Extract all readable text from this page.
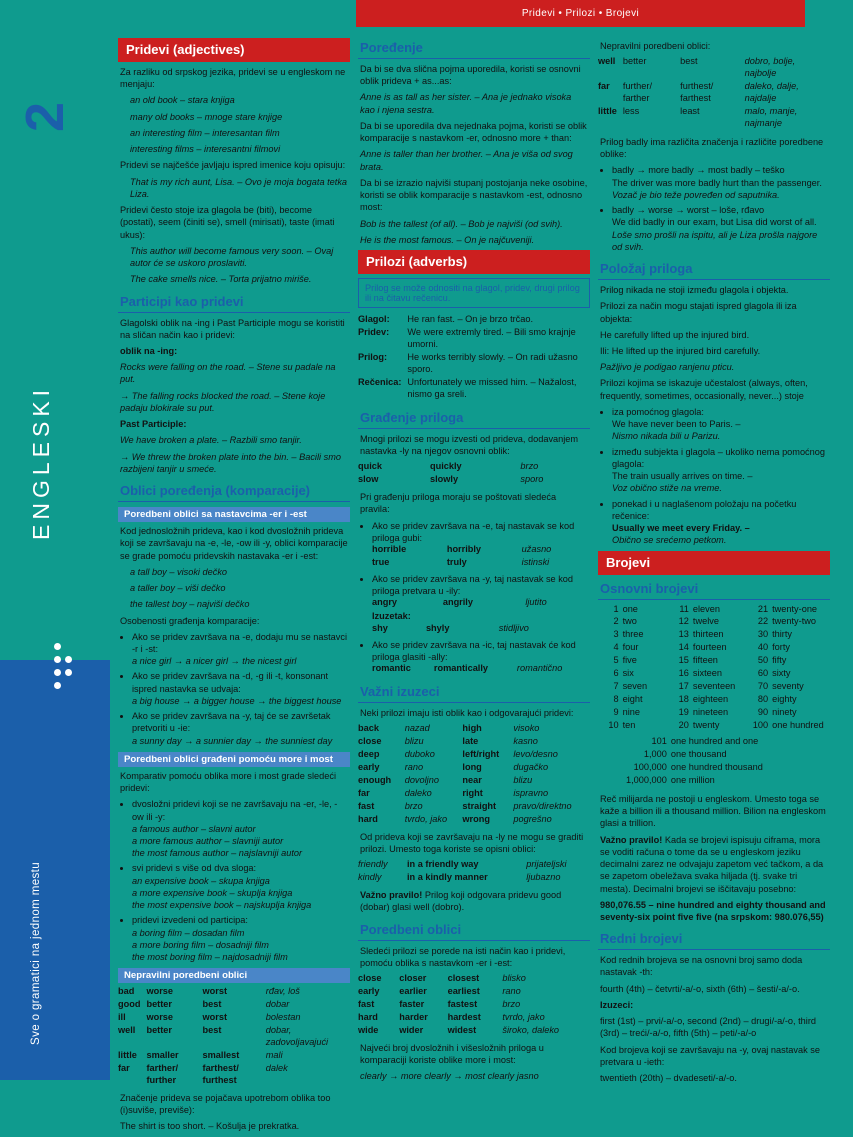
2
ENGLESKI
Sve o gramatici na jednom mestu
Pridevi • Prilozi • Brojevi
Pridevi (adjectives)

Za razliku od srpskog jezika, pridevi se u engleskom ne menjaju:

an old book – stara knjiga

many old books – mnoge stare knjige

an interesting film – interesantan film

interesting films – interesantni filmovi

Pridevi se najčešće javljaju ispred imenice koju opisuju:

That is my rich aunt, Lisa. – Ovo je moja bogata tetka Liza.

Pridevi često stoje iza glagola be (biti), become (postati), seem (činiti se), smell (mirisati), taste (imati ukus):

This author will become famous very soon. – Ovaj autor će se uskoro proslaviti.

The cake smells nice. – Torta prijatno miriše.

Participi kao pridevi

Glagolski oblik na -ing i Past Participle mogu se koristiti na sličan način kao i pridevi:

oblik na -ing:

Rocks were falling on the road. – Stene su padale na put.

→ The falling rocks blocked the road. – Stene koje padaju blokirale su put.

Past Participle:

We have broken a plate. – Razbili smo tanjir.

→ We threw the broken plate into the bin. – Bacili smo razbijeni tanjir u smeće.

Oblici poređenja (komparacije)
Poredbeni oblici sa nastavcima -er i -est

Kod jednosložnih prideva, kao i kod dvosložnih prideva koji se završavaju na -e, -le, -ow ili -y, oblici komparacije se grade pomoću pridevskih nastavaka -er i -est:

a tall boy – visoki dečko

a taller boy – viši dečko

the tallest boy – najviši dečko

Osobenosti građenja komparacije:

• Ako se pridev završava na -e, dodaju mu se nastavci -r i -st:
a nice girl → a nicer girl → the nicest girl
• Ako se pridev završava na -d, -g ili -t, konsonant ispred nastavka se udvaja:
a big house → a bigger house → the biggest house
• Ako se pridev završava na -y, taj će se završetak pretvoriti u -ie:
a sunny day → a sunnier day → the sunniest day
Poredbeni oblici građeni pomoću more i most

Komparativ pomoću oblika more i most grade sledeći pridevi:

• dvosložni pridevi koji se ne završavaju na -er, -le, -ow ili -y:
a famous author – slavni autor
a more famous author – slavniji autor
the most famous author – najslavniji autor
• svi pridevi s više od dva sloga:
an expensive book – skupa knjiga
a more expensive book – skuplja knjiga
the most expensive book – najskuplja knjiga
• pridevi izvedeni od participa:
a boring film – dosadan film
a more boring film – dosadniji film
the most boring film – najdosadniji film
Nepravilni poredbeni oblici
bad	worse	worst	rđav, loš
good	better	best	dobar
ill	worse	worst	bolestan
well	better	best	dobar, zadovoljavajući
little	smaller	smallest	mali
far	farther/ further	farthest/ furthest	dalek

Značenje prideva se pojačava upotrebom oblika too (i)suviše, previše):

The shirt is too short. – Košulja je prekratka.

Poređenje

Da bi se dva slična pojma uporedila, koristi se osnovni oblik prideva + as...as:

Anne is as tall as her sister. – Ana je jednako visoka kao i njena sestra.

Da bi se uporedila dva nejednaka pojma, koristi se oblik komparacije s nastavkom -er, odnosno more + than:

Anne is taller than her brother. – Ana je viša od svog brata.

Da bi se izrazio najviši stupanj postojanja neke osobine, koristi se oblik komparacije s nastavkom -est, odnosno most:

Bob is the tallest (of all). – Bob je najviši (od svih).

He is the most famous. – On je najčuveniji.

Prilozi (adverbs)
Prilog se može odnositi na glagol, pridev, drugi prilog ili na čitavu rečenicu.
Glagol:	He ran fast. – On je brzo trčao.
Pridev:	We were extremly tired. – Bili smo krajnje umorni.
Prilog:	He works terribly slowly. – On radi užasno sporo.
Rečenica:	Unfortunately we missed him. – Nažalost, nismo ga sreli.
Građenje priloga

Mnogi prilozi se mogu izvesti od prideva, dodavanjem nastavka -ly na njegov osnovni oblik:

quick	quickly	brzo
slow	slowly	sporo

Pri građenju priloga moraju se poštovati sledeća pravila:

• Ako se pridev završava na -e, taj nastavak se kod priloga gubi:
horrible	horribly	užasno
true	truly	istinski
• Ako se pridev završava na -y, taj nastavak se kod priloga pretvara u -ily:
angry	angrily	ljutito
Izuzetak:
shy	shyly	stidljivo
• Ako se pridev završava na -ic, taj nastavak će kod priloga glasiti -ally:
romantic	romantically	romantično
Važni izuzeci

Neki prilozi imaju isti oblik kao i odgovarajući pridevi:

back	nazad	high	visoko
close	blizu	late	kasno
deep	duboko	left/right	levo/desno
early	rano	long	dugačko
enough	dovoljno	near	blizu
far	daleko	right	ispravno
fast	brzo	straight	pravo/direktno
hard	tvrdo, jako	wrong	pogrešno

Od prideva koji se završavaju na -ly ne mogu se graditi prilozi. Umesto toga koriste se opisni oblici:

friendly	in a friendly way	prijateljski
kindly	in a kindly manner	ljubazno

Važno pravilo! Prilog koji odgovara pridevu good (dobar) glasi well (dobro).

Poredbeni oblici

Sledeći prilozi se porede na isti način kao i pridevi, pomoću oblika s nastavkom -er i -est:

close	closer	closest	blisko
early	earlier	earliest	rano
fast	faster	fastest	brzo
hard	harder	hardest	tvrdo, jako
wide	wider	widest	široko, daleko

Najveći broj dvosložnih i višesložnih priloga u komparaciji koriste oblike more i most:

clearly → more clearly → most clearly jasno

Nepravilni poredbeni oblici:

well	better	best	dobro, bolje, najbolje
far	further/ farther	furthest/ farthest	daleko, dalje, najdalje
little	less	least	malo, manje, najmanje

Prilog badly ima različita značenja i različite poredbene oblike:

• badly → more badly → most badly – teško
The driver was more badly hurt than the passenger.
Vozač je bio teže povređen od saputnika.
• badly → worse → worst – loše, rđavo
We did badly in our exam, but Lisa did worst of all.
Loše smo prošli na ispitu, ali je Liza prošla najgore od svih.
Položaj priloga

Prilog nikada ne stoji između glagola i objekta.

Prilozi za način mogu stajati ispred glagola ili iza objekta:

He carefully lifted up the injured bird.

Ili: He lifted up the injured bird carefully.

Pažljivo je podigao ranjenu pticu.

Prilozi kojima se iskazuje učestalost (always, often, frequently, sometimes, occasionally, never...) stoje

• iza pomoćnog glagola:
We have never been to Paris. –
Nismo nikada bili u Parizu.
• između subjekta i glagola – ukoliko nema pomoćnog glagola:
The train usually arrives on time. –
Voz obično stiže na vreme.
• ponekad i u naglašenom položaju na početku rečenice:
Usually we meet every Friday. –
Obično se srećemo petkom.
Brojevi
Osnovni brojevi
1	one
2	two
3	three
4	four
5	five
6	six
7	seven
8	eight
9	nine
10	ten
11	eleven
12	twelve
13	thirteen
14	fourteen
15	fifteen
16	sixteen
17	seventeen
18	eighteen
19	nineteen
20	twenty
21	twenty-one
22	twenty-two
30	thirty
40	forty
50	fifty
60	sixty
70	seventy
80	eighty
90	ninety
100	one hundred
101	one hundred and one
1,000	one thousand
100,000	one hundred thousand
1,000,000	one million

Reč milijarda ne postoji u engleskom. Umesto toga se kaže a billion ili a thousand million. Bilion na engleskom glasi a trillion.

Važno pravilo! Kada se brojevi ispisuju ciframa, mora se voditi računa o tome da se u engleskom jeziku decimalni zarez ne odvajaju zapetom već tačkom, a da se zapetom obeležava svaka hiljada (tj. svake tri mesta). Decimalni brojevi se iščitavaju posebno:

980,076.55 – nine hundred and eighty thousand and seventy-six point five five (na srpskom: 980.076,55)

Redni brojevi

Kod rednih brojeva se na osnovni broj samo doda nastavak -th:

fourth (4th) – četvrti/-a/-o, sixth (6th) – šesti/-a/-o.

Izuzeci:

first (1st) – prvi/-a/-o, second (2nd) – drugi/-a/-o, third (3rd) – treći/-a/-o, fifth (5th) – peti/-a/-o

Kod brojeva koji se završavaju na -y, ovaj nastavak se pretvara u -ieth:

twentieth (20th) – dvadeseti/-a/-o.
